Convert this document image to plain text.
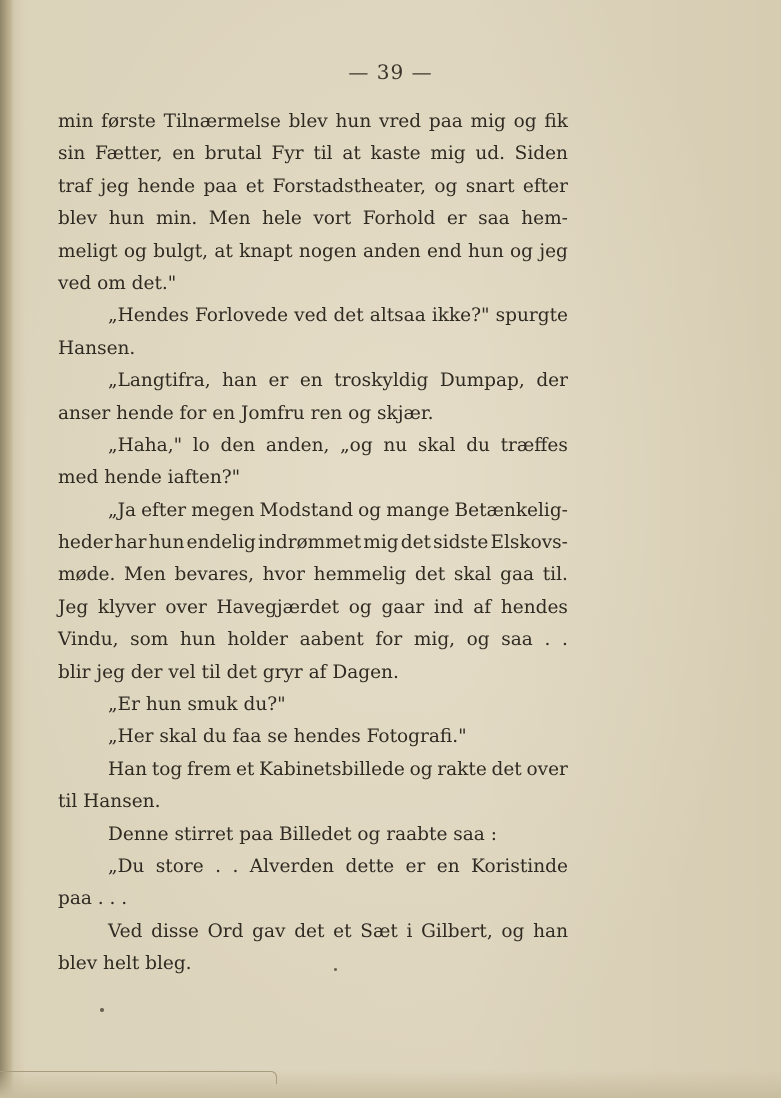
— 39 —
min første Tilnærmelse blev hun vred paa mig og fik
sin Fætter, en brutal Fyr til at kaste mig ud. Siden
traf jeg hende paa et Forstadstheater, og snart efter
blev hun min. Men hele vort Forhold er saa hem-
meligt og bulgt, at knapt nogen anden end hun og jeg
ved om det."
„Hendes Forlovede ved det altsaa ikke?" spurgte
Hansen.
„Langtifra, han er en troskyldig Dumpap, der
anser hende for en Jomfru ren og skjær.
„Haha," lo den anden, „og nu skal du træffes
med hende iaften?"
„Ja efter megen Modstand og mange Betænkelig-
heder har hun endelig indrømmet mig det sidste Elskovs-
møde. Men bevares, hvor hemmelig det skal gaa til.
Jeg klyver over Havegjærdet og gaar ind af hendes
Vindu, som hun holder aabent for mig, og saa . .
blir jeg der vel til det gryr af Dagen.
„Er hun smuk du?"
„Her skal du faa se hendes Fotografi."
Han tog frem et Kabinetsbillede og rakte det over
til Hansen.
Denne stirret paa Billedet og raabte saa :
„Du store . . Alverden dette er en Koristinde
paa . . .
Ved disse Ord gav det et Sæt i Gilbert, og han
blev helt bleg.
